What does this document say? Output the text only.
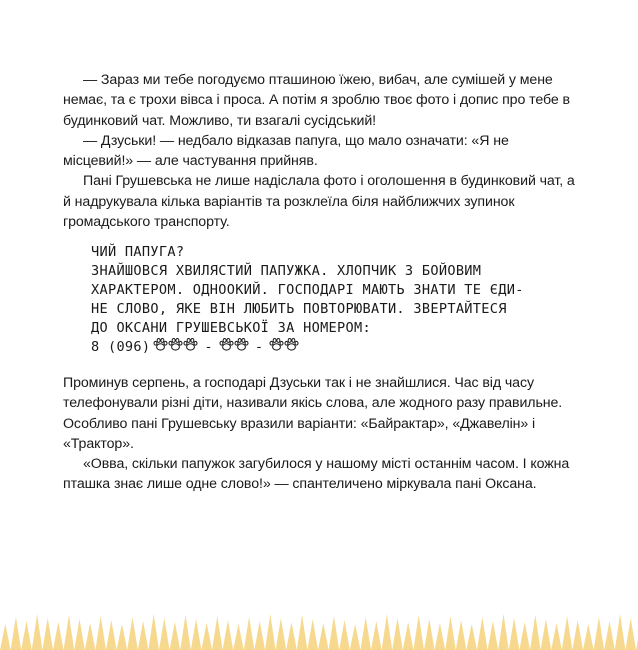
— Зараз ми тебе погодуємо пташиною їжею, вибач, але сумішей у мене немає, та є трохи вівса і проса. А потім я зроблю твоє фото і допис про тебе в будинковий чат. Можливо, ти взагалі сусідський!

— Дзуськи! — недбало відказав папуга, що мало означати: «Я не місцевий!» — але частування прийняв.

Пані Грушевська не лише надіслала фото і оголошення в будинковий чат, а й надрукувала кілька варіантів та розклеїла біля найближчих зупинок громадського транспорту.

ЧИЙ ПАПУГА?
ЗНАЙШОВСЯ ХВИЛЯСТИЙ ПАПУЖКА. ХЛОПЧИК З БОЙОВИМ
ХАРАКТЕРОМ. ОДНООКИЙ. ГОСПОДАРІ МАЮТЬ ЗНАТИ ТЕ ЄДИ-
НЕ СЛОВО, ЯКЕ ВІН ЛЮБИТЬ ПОВТОРЮВАТИ. ЗВЕРТАЙТЕСЯ
ДО ОКСАНИ ГРУШЕВСЬКОЇ ЗА НОМЕРОМ:
8 (096)	-	-

Проминув серпень, а господарі Дзуськи так і не знайшлися. Час від часу телефонували різні діти, називали якісь слова, але жодного разу правильне. Особливо пані Грушевську вразили варіанти: «Байрактар», «Джавелін» і «Трактор».

«Овва, скільки папужок загубилося у нашому місті останнім часом. І кожна пташка знає лише одне слово!» — спантеличено міркувала пані Оксана.
